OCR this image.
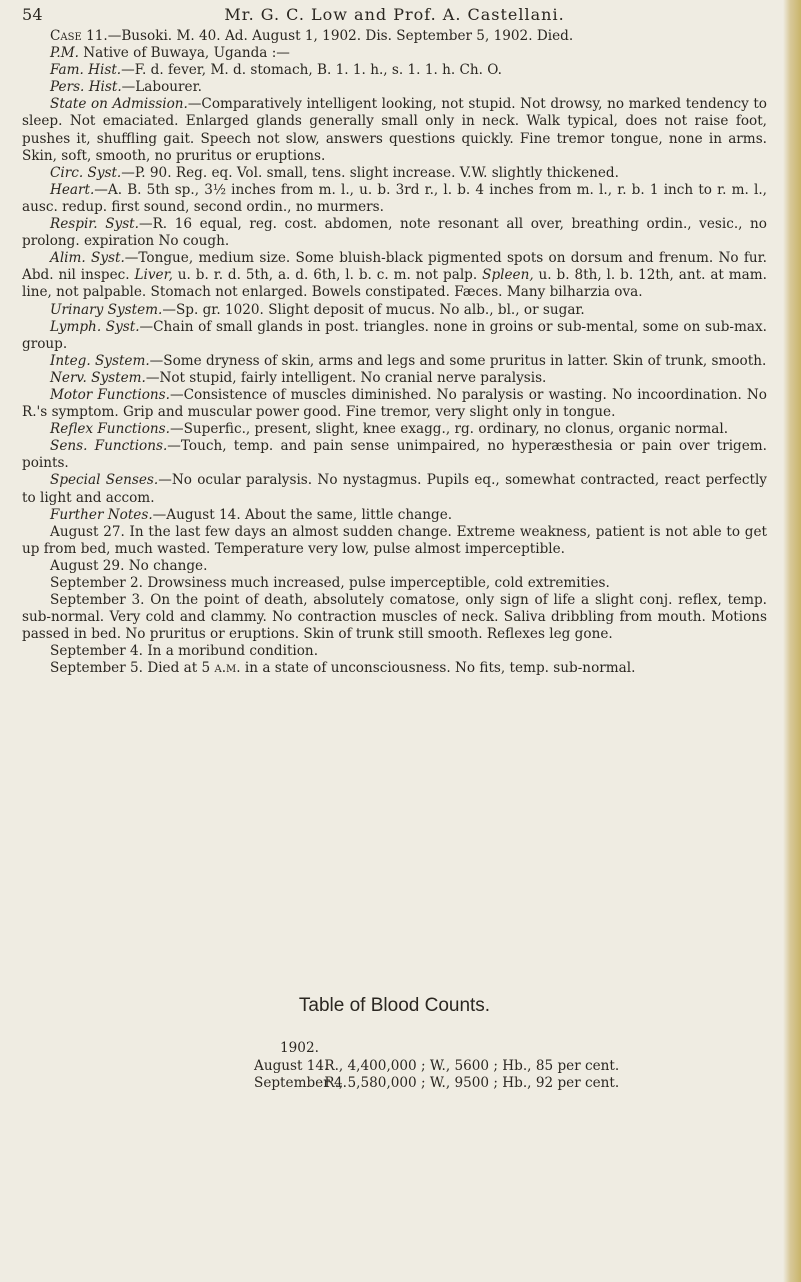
54	Mr. G. C. Low and Prof. A. Castellani.

Case 11.—Busoki. M. 40. Ad. August 1, 1902. Dis. September 5, 1902. Died.

P.M. Native of Buwaya, Uganda :—

Fam. Hist.—F. d. fever, M. d. stomach, B. 1. 1. h., s. 1. 1. h. Ch. O.

Pers. Hist.—Labourer.

State on Admission.—Comparatively intelligent looking, not stupid. Not drowsy, no marked tendency to sleep. Not emaciated. Enlarged glands generally small only in neck. Walk typical, does not raise foot, pushes it, shuffling gait. Speech not slow, answers questions quickly. Fine tremor tongue, none in arms. Skin, soft, smooth, no pruritus or eruptions.

Circ. Syst.—P. 90. Reg. eq. Vol. small, tens. slight increase. V.W. slightly thickened.

Heart.—A. B. 5th sp., 3½ inches from m. l., u. b. 3rd r., l. b. 4 inches from m. l., r. b. 1 inch to r. m. l., ausc. redup. first sound, second ordin., no murmers.

Respir. Syst.—R. 16 equal, reg. cost. abdomen, note resonant all over, breathing ordin., vesic., no prolong. expiration No cough.

Alim. Syst.—Tongue, medium size. Some bluish-black pigmented spots on dorsum and frenum. No fur. Abd. nil inspec. Liver, u. b. r. d. 5th, a. d. 6th, l. b. c. m. not palp. Spleen, u. b. 8th, l. b. 12th, ant. at mam. line, not palpable. Stomach not enlarged. Bowels constipated. Fæces. Many bilharzia ova.

Urinary System.—Sp. gr. 1020. Slight deposit of mucus. No alb., bl., or sugar.

Lymph. Syst.—Chain of small glands in post. triangles. none in groins or sub-mental, some on sub-max. group.

Integ. System.—Some dryness of skin, arms and legs and some pruritus in latter. Skin of trunk, smooth.

Nerv. System.—Not stupid, fairly intelligent. No cranial nerve paralysis.

Motor Functions.—Consistence of muscles diminished. No paralysis or wasting. No incoordination. No R.'s symptom. Grip and muscular power good. Fine tremor, very slight only in tongue.

Reflex Functions.—Superfic., present, slight, knee exagg., rg. ordinary, no clonus, organic normal.

Sens. Functions.—Touch, temp. and pain sense unimpaired, no hyperæsthesia or pain over trigem. points.

Special Senses.—No ocular paralysis. No nystagmus. Pupils eq., somewhat contracted, react perfectly to light and accom.

Further Notes.—August 14. About the same, little change.

August 27. In the last few days an almost sudden change. Extreme weakness, patient is not able to get up from bed, much wasted. Temperature very low, pulse almost imperceptible.

August 29. No change.

September 2. Drowsiness much increased, pulse imperceptible, cold extremities.

September 3. On the point of death, absolutely comatose, only sign of life a slight conj. reflex, temp. sub-normal. Very cold and clammy. No contraction muscles of neck. Saliva dribbling from mouth. Motions passed in bed. No pruritus or eruptions. Skin of trunk still smooth. Reflexes leg gone.

September 4. In a moribund condition.

September 5. Died at 5 a.m. in a state of unconsciousness. No fits, temp. sub-normal.

Table of Blood Counts.
1902.
August 14. R., 4,400,000 ; W., 5600 ; Hb., 85 per cent.
September 4. R., 5,580,000 ; W., 9500 ; Hb., 92 per cent.
